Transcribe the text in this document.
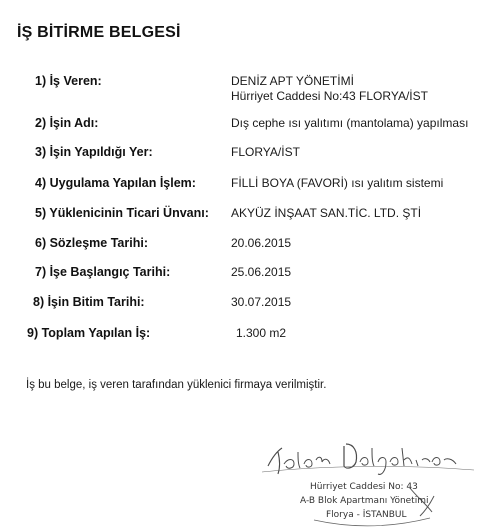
İŞ BİTİRME BELGESİ
1) İş Veren:	DENİZ APT YÖNETİMİ
Hürriyet Caddesi No:43 FLORYA/İST
2) İşin Adı:	Dış cephe ısı yalıtımı (mantolama) yapılması
3) İşin Yapıldığı Yer:	FLORYA/İST
4) Uygulama Yapılan İşlem:	FİLLİ BOYA (FAVORİ) ısı yalıtım sistemi
5) Yüklenicinin Ticari Ünvanı: AKYÜZ İNŞAAT SAN.TİC. LTD. ŞTİ
6) Sözleşme Tarihi:	20.06.2015
7) İşe Başlangıç Tarihi:	25.06.2015
8) İşin Bitim Tarihi:	30.07.2015
9) Toplam Yapılan İş:	1.300 m2
İş bu belge, iş veren tarafından yüklenici firmaya verilmiştir.
Hürriyet Caddesi No: 43
A-B Blok Apartmanı Yönetimi
Florya - İSTANBUL
